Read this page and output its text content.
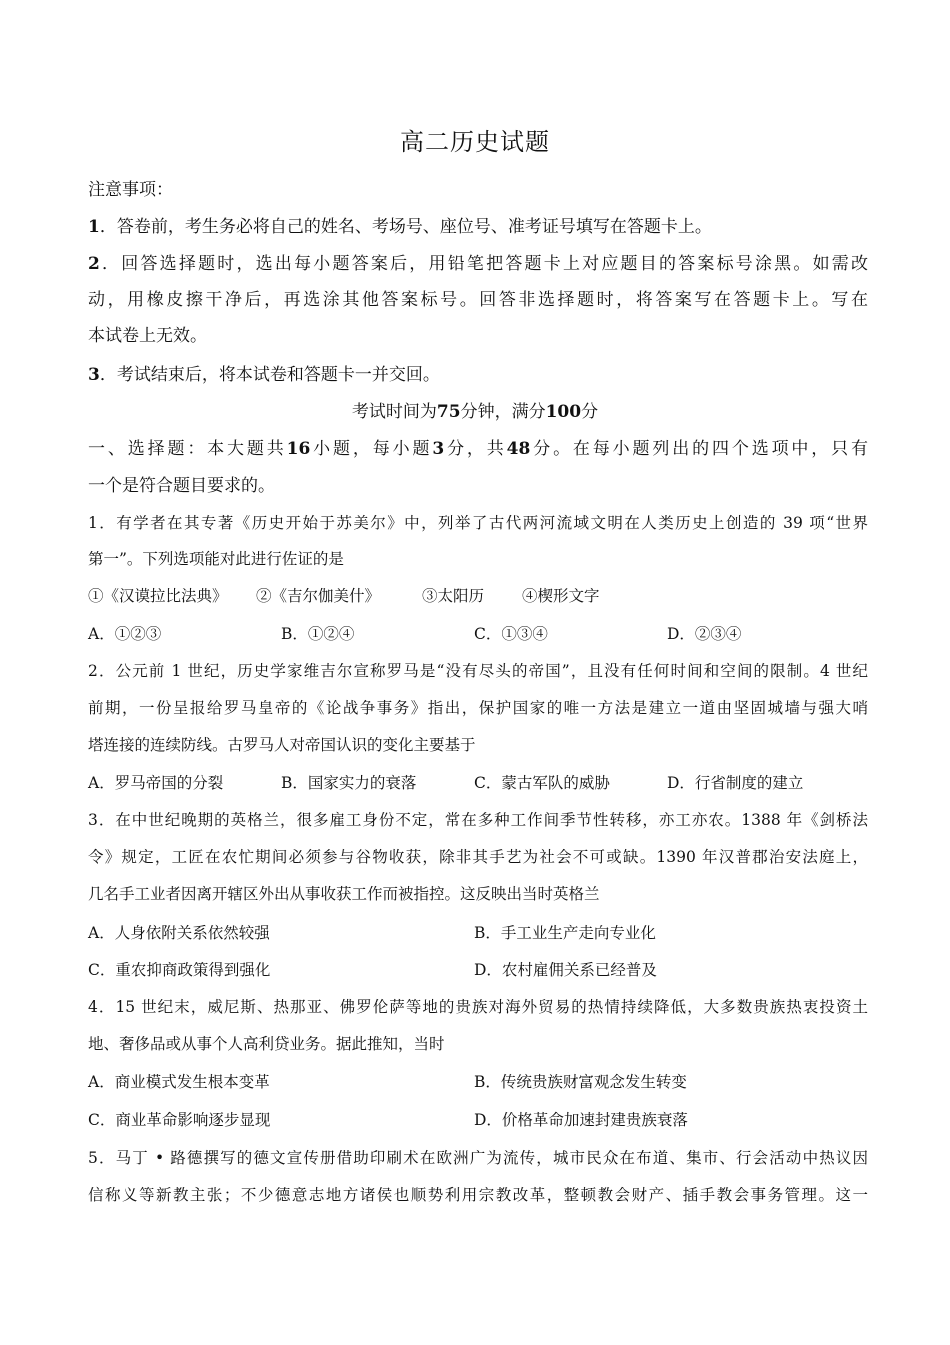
高二历史试题
注意事项：
1．答卷前，考生务必将自己的姓名、考场号、座位号、准考证号填写在答题卡上。
2．回答选择题时，选出每小题答案后，用铅笔把答题卡上对应题目的答案标号涂黑。如需改
动，用橡皮擦干净后，再选涂其他答案标号。回答非选择题时，将答案写在答题卡上。写在
本试卷上无效。
3．考试结束后，将本试卷和答题卡一并交回。
考试时间为75分钟，满分100分
一、选择题：本大题共16小题，每小题3分，共48分。在每小题列出的四个选项中，只有
一个是符合题目要求的。
1．有学者在其专著《历史开始于苏美尔》中，列举了古代两河流域文明在人类历史上创造的 39 项“世界
第一”。下列选项能对此进行佐证的是
①《汉谟拉比法典》 ②《吉尔伽美什》	③太阳历 ④楔形文字
A．①②③	B．①②④	C．①③④	D．②③④
2．公元前 1 世纪，历史学家维吉尔宣称罗马是“没有尽头的帝国”，且没有任何时间和空间的限制。4 世纪
前期，一份呈报给罗马皇帝的《论战争事务》指出，保护国家的唯一方法是建立一道由坚固城墙与强大哨
塔连接的连续防线。古罗马人对帝国认识的变化主要基于
A．罗马帝国的分裂	B．国家实力的衰落	C．蒙古军队的威胁	D．行省制度的建立
3．在中世纪晚期的英格兰，很多雇工身份不定，常在多种工作间季节性转移，亦工亦农。1388 年《剑桥法
令》规定，工匠在农忙期间必须参与谷物收获，除非其手艺为社会不可或缺。1390 年汉普郡治安法庭上，
几名手工业者因离开辖区外出从事收获工作而被指控。这反映出当时英格兰
A．人身依附关系依然较强	B．手工业生产走向专业化
C．重农抑商政策得到强化	D．农村雇佣关系已经普及
4．15 世纪末，威尼斯、热那亚、佛罗伦萨等地的贵族对海外贸易的热情持续降低，大多数贵族热衷投资土
地、奢侈品或从事个人高利贷业务。据此推知，当时
A．商业模式发生根本变革	B．传统贵族财富观念发生转变
C．商业革命影响逐步显现	D．价格革命加速封建贵族衰落
5．马丁 • 路德撰写的德文宣传册借助印刷术在欧洲广为流传，城市民众在布道、集市、行会活动中热议因
信称义等新教主张；不少德意志地方诸侯也顺势利用宗教改革，整顿教会财产、插手教会事务管理。这一
